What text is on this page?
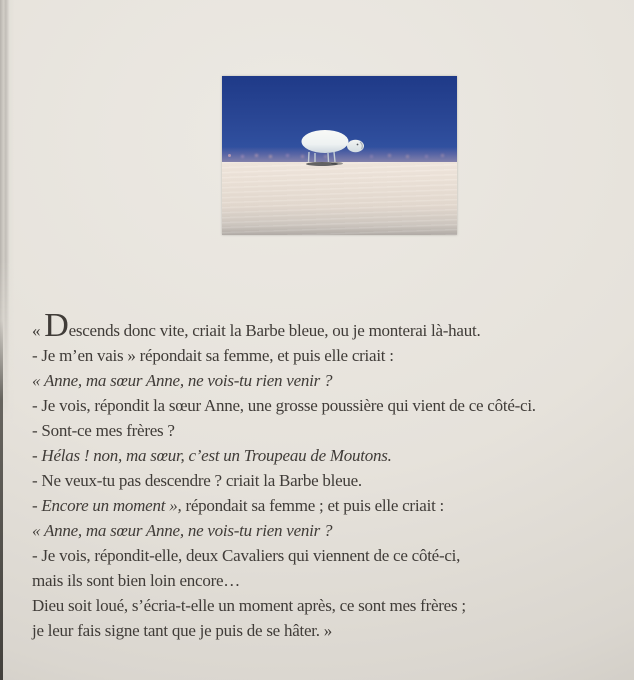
« Descends donc vite, criait la Barbe bleue, ou je monterai là-haut.
- Je m’en vais » répondait sa femme, et puis elle criait :
« Anne, ma sœur Anne, ne vois-tu rien venir ?
- Je vois, répondit la sœur Anne, une grosse poussière qui vient de ce côté-ci.
- Sont-ce mes frères ?
- Hélas ! non, ma sœur, c’est un Troupeau de Moutons.
- Ne veux-tu pas descendre ? criait la Barbe bleue.
- Encore un moment », répondait sa femme ; et puis elle criait :
« Anne, ma sœur Anne, ne vois-tu rien venir ?
- Je vois, répondit-elle, deux Cavaliers qui viennent de ce côté-ci,
mais ils sont bien loin encore…
Dieu soit loué, s’écria-t-elle un moment après, ce sont mes frères ;
je leur fais signe tant que je puis de se hâter. »
